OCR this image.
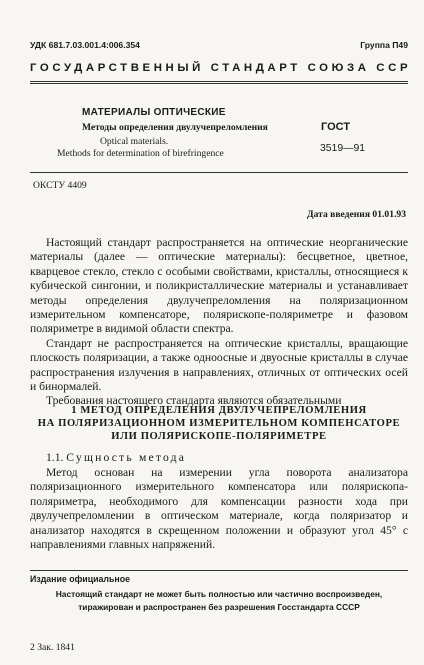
УДК 681.7.03.001.4:006.354	Группа П49
ГОСУДАРСТВЕННЫЙ СТАНДАРТ СОЮЗА ССР
МАТЕРИАЛЫ ОПТИЧЕСКИЕ
Методы определения двулучепреломления
Optical materials.
Methods for determination of birefringence
ГОСТ
3519—91
ОКСТУ 4409
Дата введения 01.01.93

Настоящий стандарт распространяется на оптические неорганические материалы (далее — оптические материалы): бесцветное, цветное, кварцевое стекло, стекло с особыми свойствами, кристаллы, относящиеся к кубической сингонии, и поликристаллические материалы и устанавливает методы определения двулучепреломления на поляризационном измерительном компенсаторе, полярископе-поляриметре и фазовом поляриметре в видимой области спектра.

Стандарт не распространяется на оптические кристаллы, вращающие плоскость поляризации, а также одноосные и двуосные кристаллы в случае распространения излучения в направлениях, отличных от оптических осей и бинормалей.

Требования настоящего стандарта являются обязательными

1 МЕТОД ОПРЕДЕЛЕНИЯ ДВУЛУЧЕПРЕЛОМЛЕНИЯ
НА ПОЛЯРИЗАЦИОННОМ ИЗМЕРИТЕЛЬНОМ КОМПЕНСАТОРЕ
ИЛИ ПОЛЯРИСКОПЕ-ПОЛЯРИМЕТРЕ
1.1. Сущность метода

Метод основан на измерении угла поворота анализатора поляризационного измерительного компенсатора или полярископа-поляриметра, необходимого для компенсации разности хода при двулучепреломлении в оптическом материале, когда поляризатор и анализатор находятся в скрещенном положении и образуют угол 45° с направлениями главных напряжений.

Издание официальное
Настоящий стандарт не может быть полностью или частично воспроизведен,
тиражирован и распространен без разрешения Госстандарта СССР
2 Зак. 1841
